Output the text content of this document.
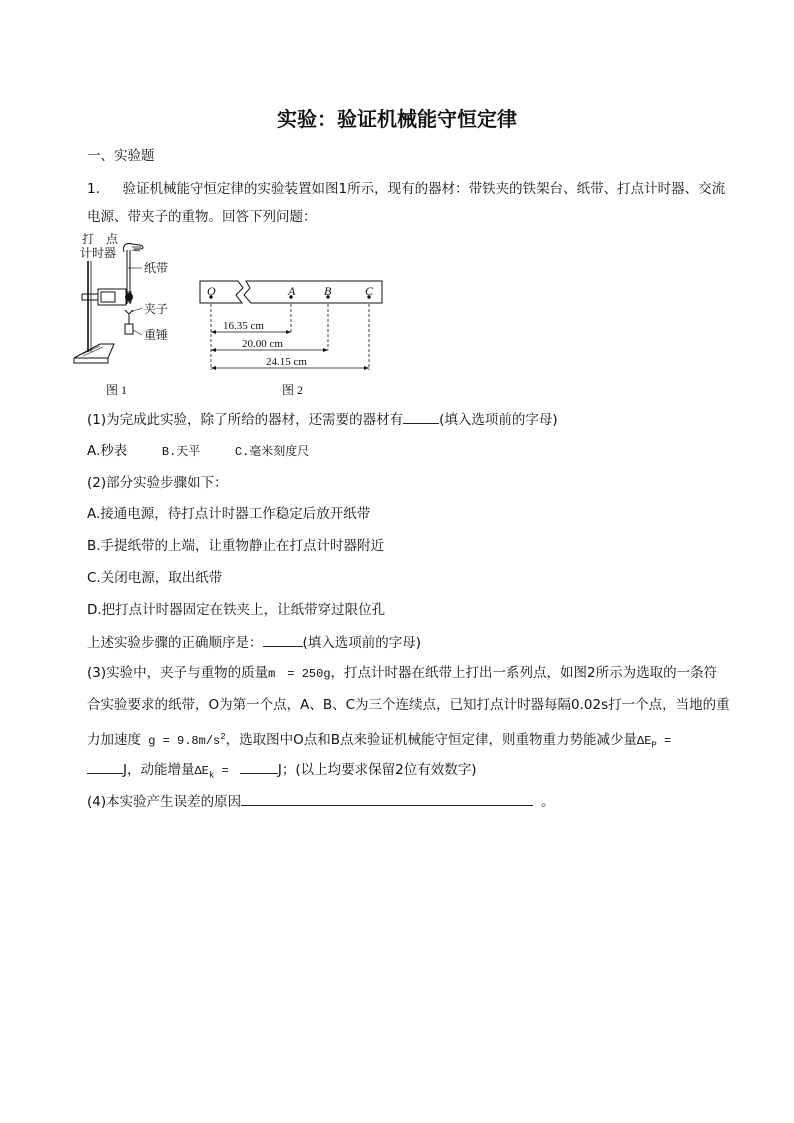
实验：验证机械能守恒定律
一、实验题
1. 验证机械能守恒定律的实验装置如图1所示，现有的器材：带铁夹的铁架台、纸带、打点计时器、交流
电源、带夹子的重物。回答下列问题：
打　点
计时器
纸带
夹子
重锤
图 1
O	A B	C
16.35 cm
20.00 cm
24.15 cm
图 2
(1)为完成此实验，除了所给的器材，还需要的器材有	(填入选项前的字母)
A.秒表	B.天平	C.毫米刻度尺
(2)部分实验步骤如下：
A.接通电源，待打点计时器工作稳定后放开纸带
B.手提纸带的上端，让重物静止在打点计时器附近
C.关闭电源，取出纸带
D.把打点计时器固定在铁夹上，让纸带穿过限位孔
上述实验步骤的正确顺序是：	(填入选项前的字母)
(3)实验中，夹子与重物的质量m　= 250g，打点计时器在纸带上打出一系列点，如图2所示为选取的一条符
合实验要求的纸带，O为第一个点，A、B、C为三个连续点，已知打点计时器每隔0.02s打一个点，当地的重
力加速度 $g = 9.8m/s^2$，选取图中O点和B点来验证机械能守恒定律，则重物重力势能减少量$\Delta E_P$ =
J，动能增量$\Delta E_k$ =	J；(以上均要求保留2位有效数字)
(4)本实验产生误差的原因	。
